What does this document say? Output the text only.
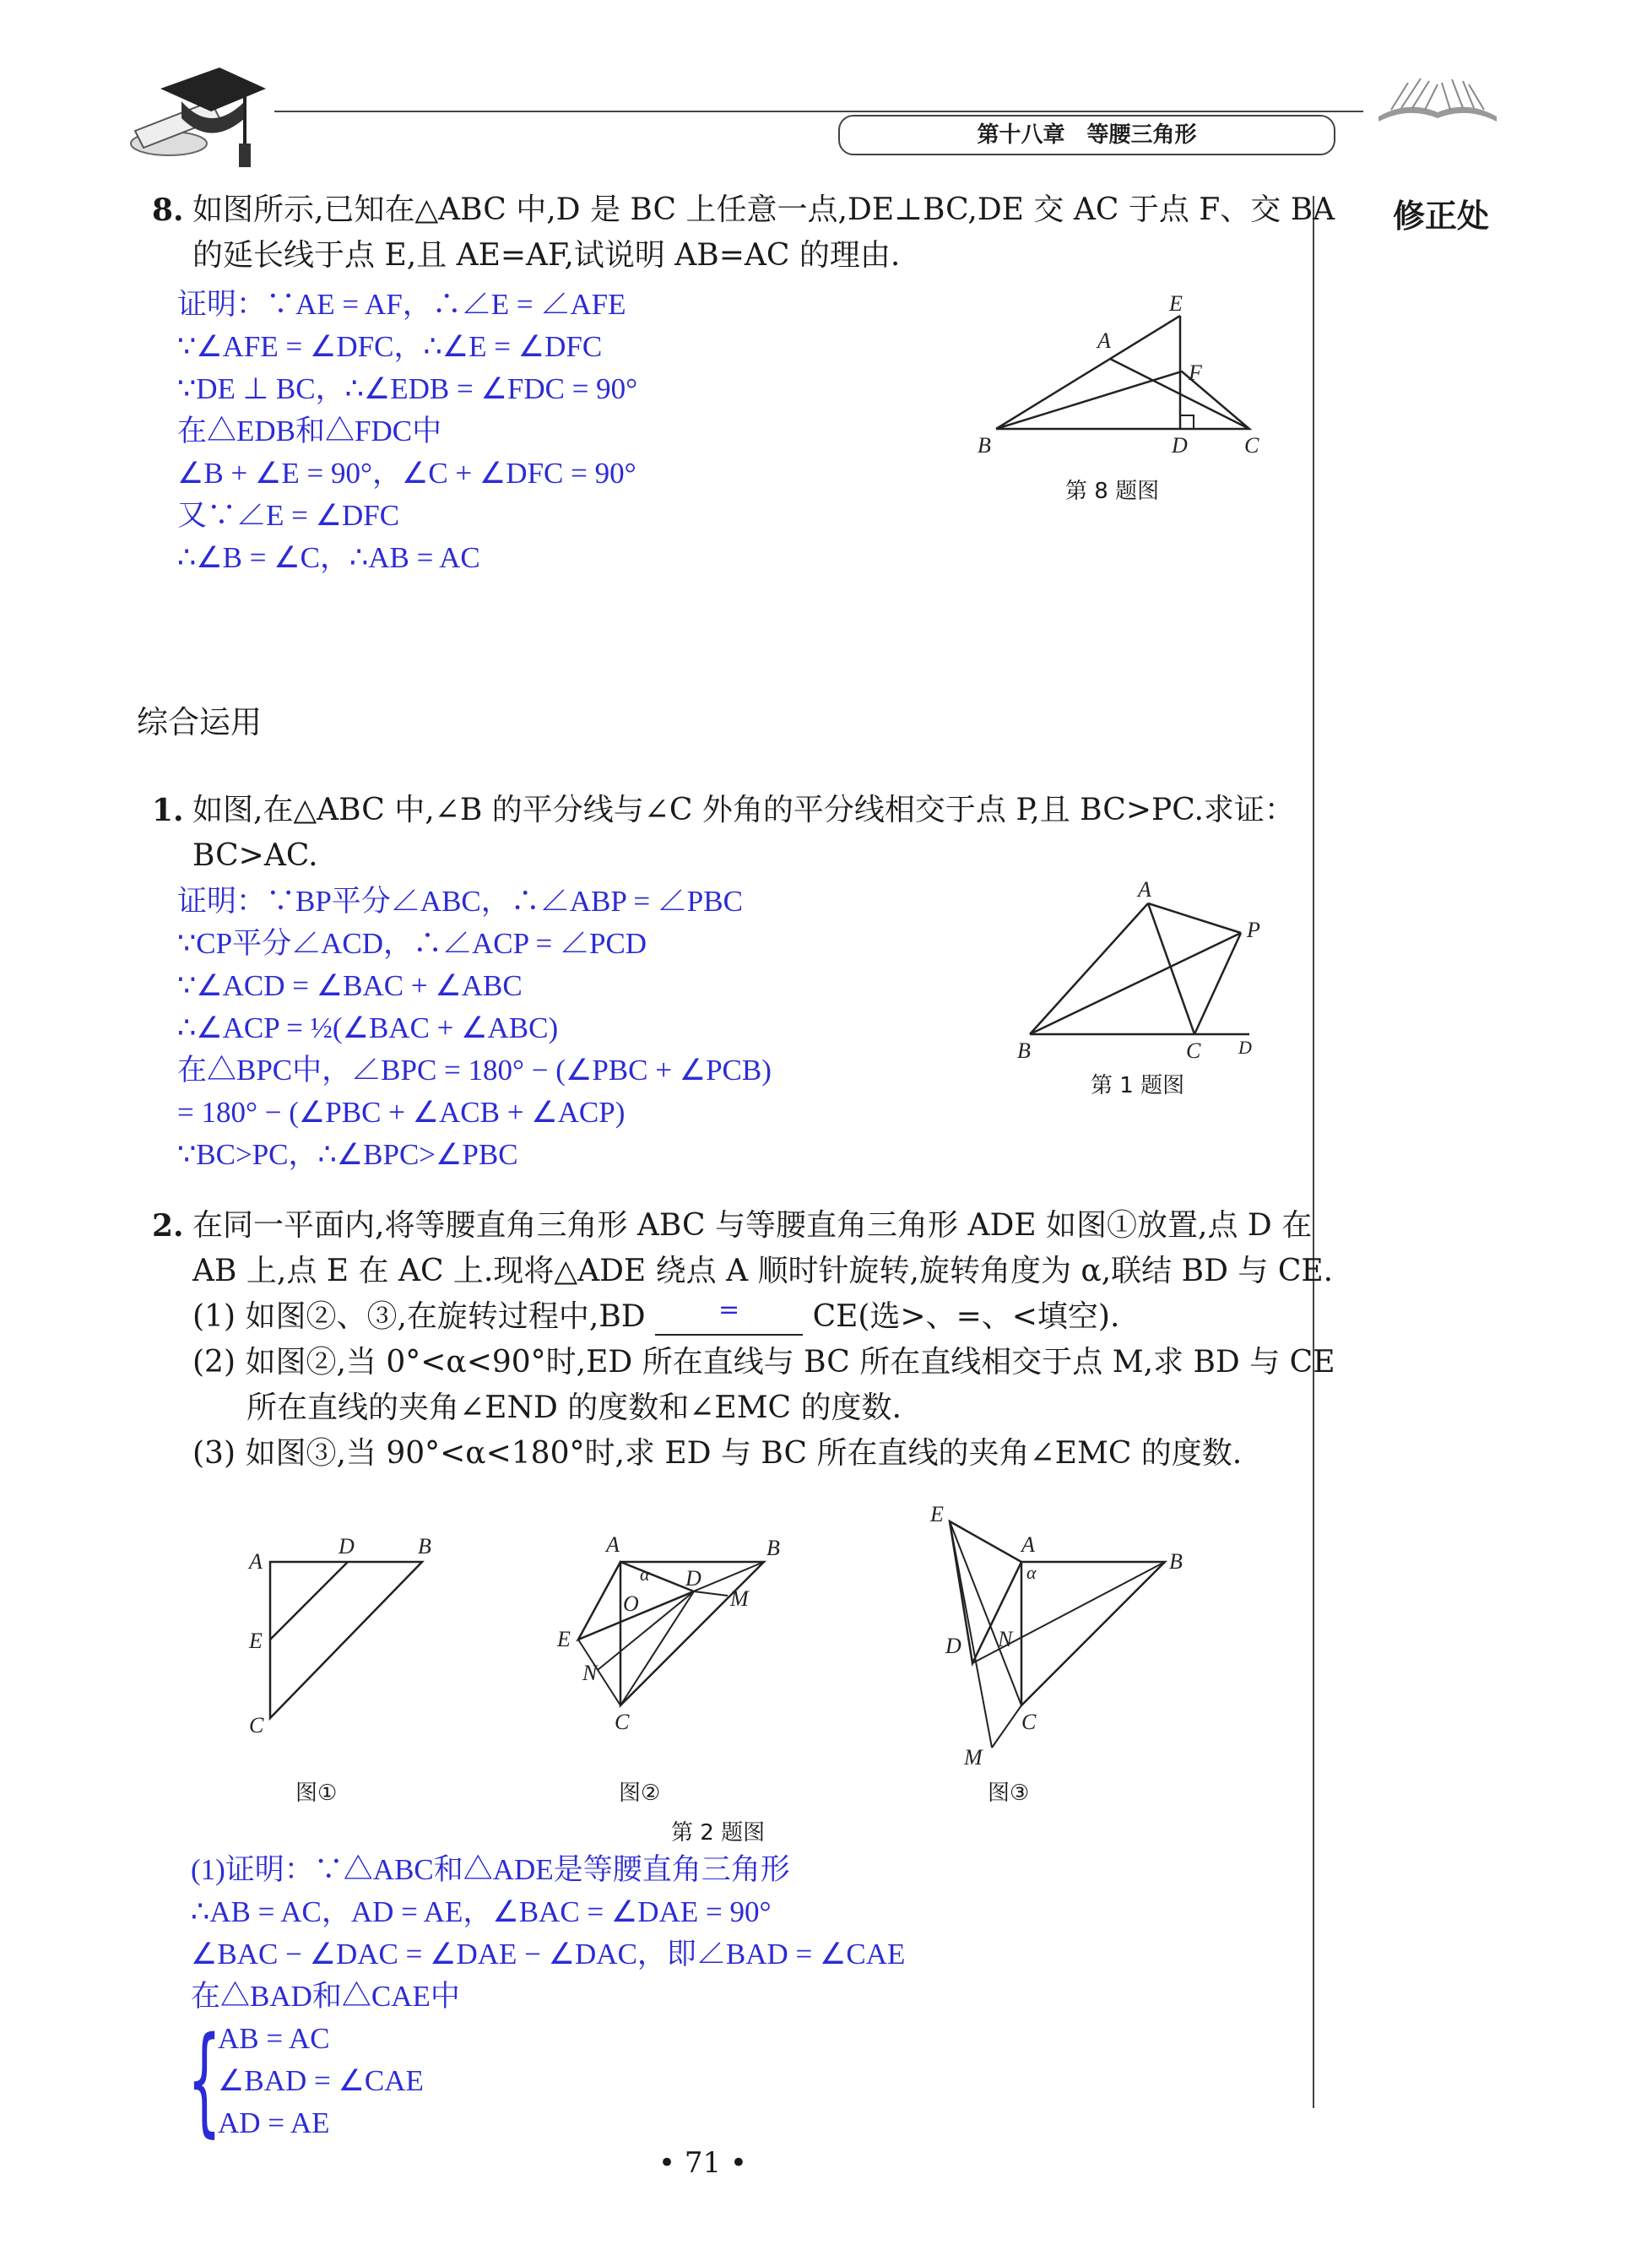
第十八章　等腰三角形
修正处
8. 如图所示,已知在△ABC 中,D 是 BC 上任意一点,DE⊥BC,DE 交 AC 于点 F、交 BA
的延长线于点 E,且 AE=AF,试说明 AB=AC 的理由.
证明：∵AE = AF，∴∠E = ∠AFE
∵∠AFE = ∠DFC，∴∠E = ∠DFC
∵DE ⊥ BC，∴∠EDB = ∠FDC = 90°
在△EDB和△FDC中
∠B + ∠E = 90°，∠C + ∠DFC = 90°
又∵∠E = ∠DFC
∴∠B = ∠C，∴AB = AC
E
A
F
B	D	C
第 8 题图
综合运用
1. 如图,在△ABC 中,∠B 的平分线与∠C 外角的平分线相交于点 P,且 BC>PC.求证：
BC>AC.
证明：∵BP平分∠ABC，∴∠ABP = ∠PBC
∵CP平分∠ACD，∴∠ACP = ∠PCD
∵∠ACD = ∠BAC + ∠ABC
∴∠ACP = ½(∠BAC + ∠ABC)
在△BPC中，∠BPC = 180° − (∠PBC + ∠PCB)
= 180° − (∠PBC + ∠ACB + ∠ACP)
∵BC>PC，∴∠BPC>∠PBC
A
P
B	C D
第 1 题图
2. 在同一平面内,将等腰直角三角形 ABC 与等腰直角三角形 ADE 如图①放置,点 D 在
AB 上,点 E 在 AC 上.现将△ADE 绕点 A 顺时针旋转,旋转角度为 α,联结 BD 与 CE.
(1) 如图②、③,在旋转过程中,BD	= CE(选>、=、<填空).
(2) 如图②,当 0°<α<90°时,ED 所在直线与 BC 所在直线相交于点 M,求 BD 与 CE
所在直线的夹角∠END 的度数和∠EMC 的度数.
(3) 如图③,当 90°<α<180°时,求 ED 与 BC 所在直线的夹角∠EMC 的度数.
A
D	B
E
C
A
α
B
D
M
O
E
N
C
E
A
α	B
D N
C
M
图①	图②	图③
第 2 题图
(1)证明：∵△ABC和△ADE是等腰直角三角形
∴AB = AC，AD = AE，∠BAC = ∠DAE = 90°
∠BAC − ∠DAC = ∠DAE − ∠DAC，即∠BAD = ∠CAE
在△BAD和△CAE中
{
AB = AC
∠BAD = ∠CAE
AD = AE
• 71 •
